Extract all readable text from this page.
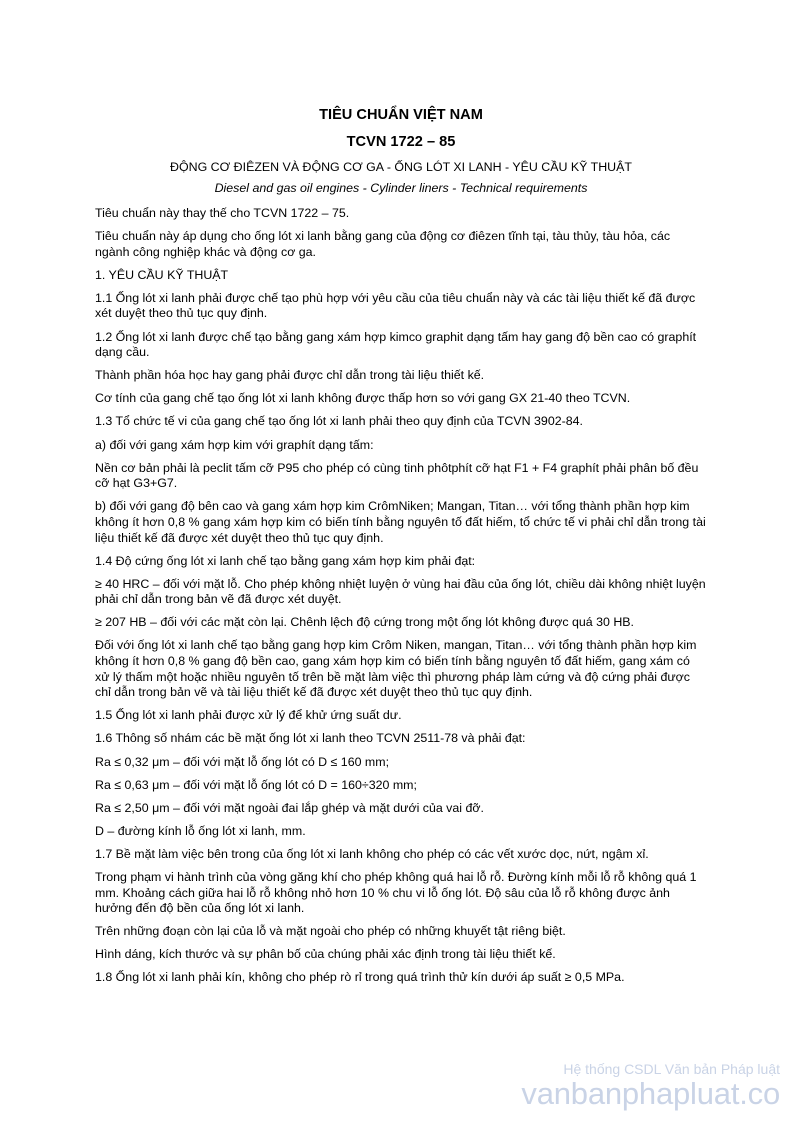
TIÊU CHUẨN VIỆT NAM
TCVN 1722 – 85
ĐỘNG CƠ ĐIÊZEN VÀ ĐỘNG CƠ GA - ỐNG LÓT XI LANH - YÊU CẦU KỸ THUẬT
Diesel and gas oil engines - Cylinder liners - Technical requirements

Tiêu chuẩn này thay thế cho TCVN 1722 – 75.

Tiêu chuẩn này áp dụng cho ống lót xi lanh bằng gang của động cơ điêzen tĩnh tại, tàu thủy, tàu hỏa, các ngành công nghiệp khác và động cơ ga.

1. YÊU CẦU KỸ THUẬT

1.1 Ống lót xi lanh phải được chế tạo phù hợp với yêu cầu của tiêu chuẩn này và các tài liệu thiết kế đã được xét duyệt theo thủ tục quy định.

1.2 Ống lót xi lanh được chế tạo bằng gang xám hợp kimco graphit dạng tấm hay gang độ bền cao có graphít dạng cầu.

Thành phần hóa học hay gang phải được chỉ dẫn trong tài liệu thiết kế.

Cơ tính của gang chế tạo ống lót xi lanh không được thấp hơn so với gang GX 21-40 theo TCVN.

1.3 Tổ chức tế vi của gang chế tạo ống lót xi lanh phải theo quy định của TCVN 3902-84.

a) đối với gang xám hợp kim với graphít dạng tấm:

Nền cơ bản phải là peclit tấm cỡ P95 cho phép có cùng tinh phôtphít cỡ hạt F1 + F4 graphít phải phân bố đều cỡ hạt G3+G7.

b) đối với gang độ bên cao và gang xám hợp kim CrômNiken; Mangan, Titan… với tổng thành phần hợp kim không ít hơn 0,8 % gang xám hợp kim có biến tính bằng nguyên tố đất hiếm, tổ chức tế vi phải chỉ dẫn trong tài liệu thiết kế đã được xét duyệt theo thủ tục quy định.

1.4 Độ cứng ống lót xi lanh chế tạo bằng gang xám hợp kim phải đạt:

≥ 40 HRC – đối với mặt lỗ. Cho phép không nhiệt luyện ở vùng hai đầu của ống lót, chiều dài không nhiệt luyện phải chỉ dẫn trong bản vẽ đã được xét duyệt.

≥ 207 HB – đối với các mặt còn lại. Chênh lệch độ cứng trong một ống lót không được quá 30 HB.

Đối với ống lót xi lanh chế tạo bằng gang hợp kim Crôm Niken, mangan, Titan… với tổng thành phần hợp kim không ít hơn 0,8 % gang độ bền cao, gang xám hợp kim có biến tính bằng nguyên tố đất hiếm, gang xám có xử lý thấm một hoặc nhiều nguyên tố trên bề mặt làm việc thì phương pháp làm cứng và độ cứng phải được chỉ dẫn trong bản vẽ và tài liệu thiết kế đã được xét duyệt theo thủ tục quy định.

1.5 Ống lót xi lanh phải được xử lý để khử ứng suất dư.

1.6 Thông số nhám các bề mặt ống lót xi lanh theo TCVN 2511-78 và phải đạt:

Ra ≤ 0,32 μm – đối với mặt lỗ ống lót có D ≤ 160 mm;

Ra ≤ 0,63 μm – đối với mặt lỗ ống lót có D = 160÷320 mm;

Ra ≤ 2,50 μm – đối với mặt ngoài đai lắp ghép và mặt dưới của vai đỡ.

D – đường kính lỗ ống lót xi lanh, mm.

1.7 Bề mặt làm việc bên trong của ống lót xi lanh không cho phép có các vết xước dọc, nứt, ngậm xỉ.

Trong phạm vi hành trình của vòng găng khí cho phép không quá hai lỗ rỗ. Đường kính mỗi lỗ rỗ không quá 1 mm. Khoảng cách giữa hai lỗ rỗ không nhỏ hơn 10 % chu vi lỗ ống lót. Độ sâu của lỗ rỗ không được ảnh hưởng đến độ bền của ống lót xi lanh.

Trên những đoạn còn lại của lỗ và mặt ngoài cho phép có những khuyết tật riêng biệt.

Hình dáng, kích thước và sự phân bố của chúng phải xác định trong tài liệu thiết kế.

1.8 Ống lót xi lanh phải kín, không cho phép rò rỉ trong quá trình thử kín dưới áp suất ≥ 0,5 MPa.

Hệ thống CSDL Văn bản Pháp luật
vanbanphapluat.co
